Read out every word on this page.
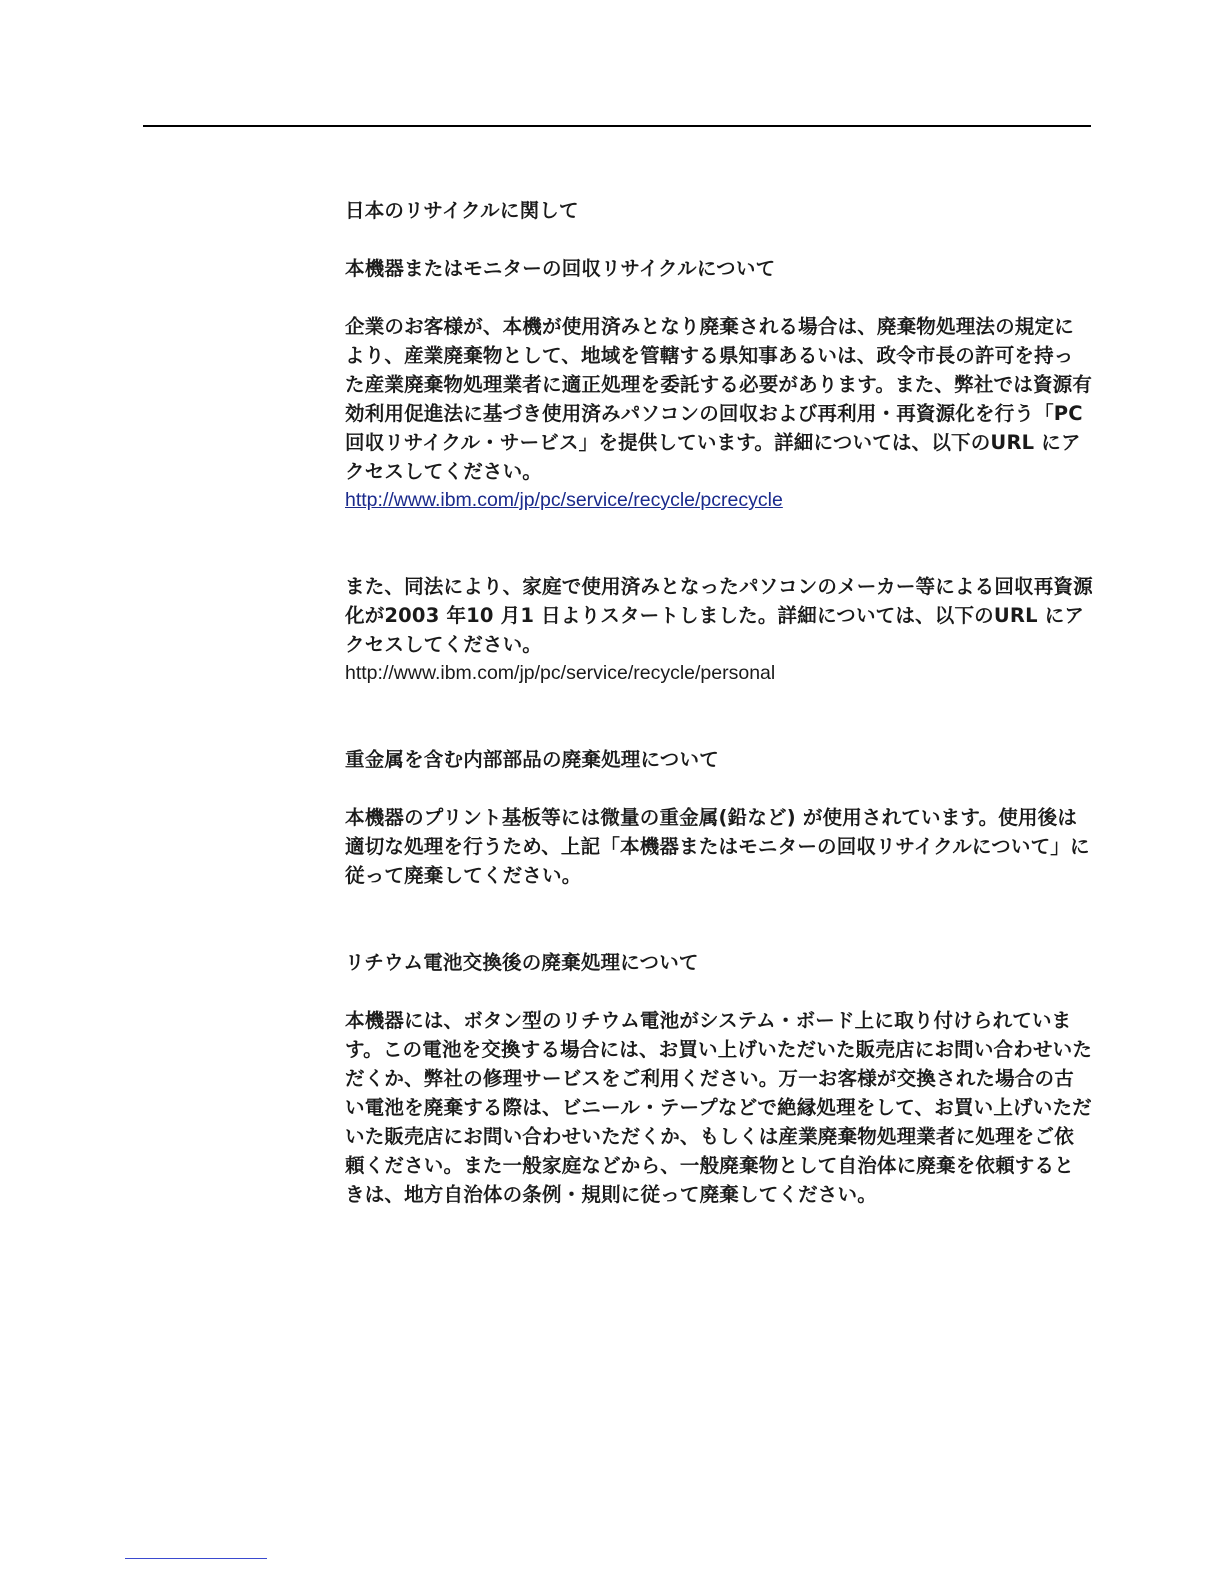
日本のリサイクルに関して

本機器またはモニターの回収リサイクルについて

企業のお客様が、本機が使用済みとなり廃棄される場合は、廃棄物処理法の規定により、産業廃棄物として、地域を管轄する県知事あるいは、政令市長の許可を持った産業廃棄物処理業者に適正処理を委託する必要があります。また、弊社では資源有効利用促進法に基づき使用済みパソコンの回収および再利用・再資源化を行う「PC 回収リサイクル・サービス」を提供しています。詳細については、以下のURL にアクセスしてください。

http://www.ibm.com/jp/pc/service/recycle/pcrecycle

また、同法により、家庭で使用済みとなったパソコンのメーカー等による回収再資源化が2003 年10 月1 日よりスタートしました。詳細については、以下のURL にアクセスしてください。

http://www.ibm.com/jp/pc/service/recycle/personal

重金属を含む内部部品の廃棄処理について

本機器のプリント基板等には微量の重金属(鉛など) が使用されています。使用後は適切な処理を行うため、上記「本機器またはモニターの回収リサイクルについて」に従って廃棄してください。

リチウム電池交換後の廃棄処理について

本機器には、ボタン型のリチウム電池がシステム・ボード上に取り付けられています。この電池を交換する場合には、お買い上げいただいた販売店にお問い合わせいただくか、弊社の修理サービスをご利用ください。万一お客様が交換された場合の古い電池を廃棄する際は、ビニール・テープなどで絶縁処理をして、お買い上げいただいた販売店にお問い合わせいただくか、もしくは産業廃棄物処理業者に処理をご依頼ください。また一般家庭などから、一般廃棄物として自治体に廃棄を依頼するときは、地方自治体の条例・規則に従って廃棄してください。
